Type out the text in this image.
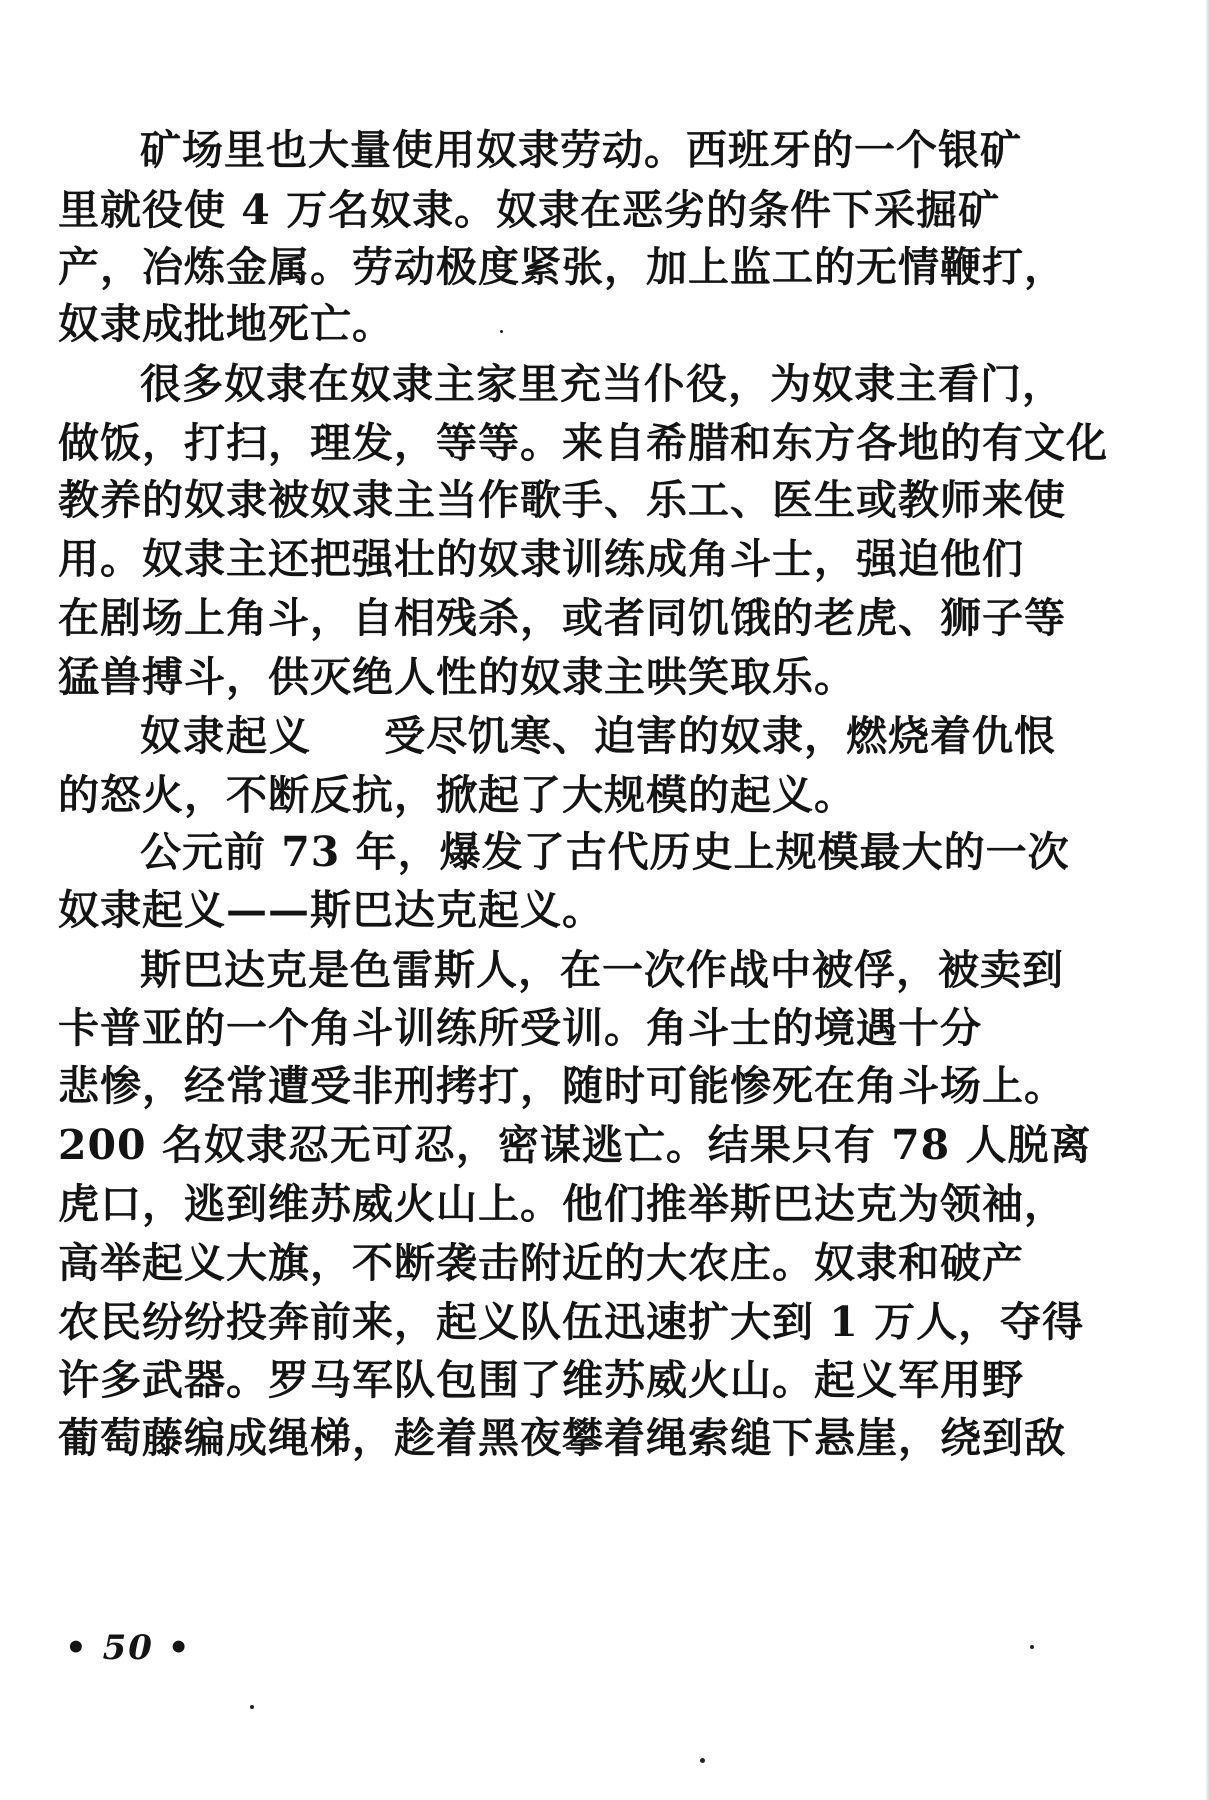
矿场里也大量使用奴隶劳动。西班牙的一个银矿
里就役使 4 万名奴隶。奴隶在恶劣的条件下采掘矿
产，冶炼金属。劳动极度紧张，加上监工的无情鞭打，
奴隶成批地死亡。
很多奴隶在奴隶主家里充当仆役，为奴隶主看门，
做饭，打扫，理发，等等。来自希腊和东方各地的有文化
教养的奴隶被奴隶主当作歌手、乐工、医生或教师来使
用。奴隶主还把强壮的奴隶训练成角斗士，强迫他们
在剧场上角斗，自相残杀，或者同饥饿的老虎、狮子等
猛兽搏斗，供灭绝人性的奴隶主哄笑取乐。
奴隶起义 受尽饥寒、迫害的奴隶，燃烧着仇恨
的怒火，不断反抗，掀起了大规模的起义。
公元前 73 年，爆发了古代历史上规模最大的一次
奴隶起义——斯巴达克起义。
斯巴达克是色雷斯人，在一次作战中被俘，被卖到
卡普亚的一个角斗训练所受训。角斗士的境遇十分
悲惨，经常遭受非刑拷打，随时可能惨死在角斗场上。
200 名奴隶忍无可忍，密谋逃亡。结果只有 78 人脱离
虎口，逃到维苏威火山上。他们推举斯巴达克为领袖，
高举起义大旗，不断袭击附近的大农庄。奴隶和破产
农民纷纷投奔前来，起义队伍迅速扩大到 1 万人，夺得
许多武器。罗马军队包围了维苏威火山。起义军用野
葡萄藤编成绳梯，趁着黑夜攀着绳索缒下悬崖，绕到敌
• 50 •
